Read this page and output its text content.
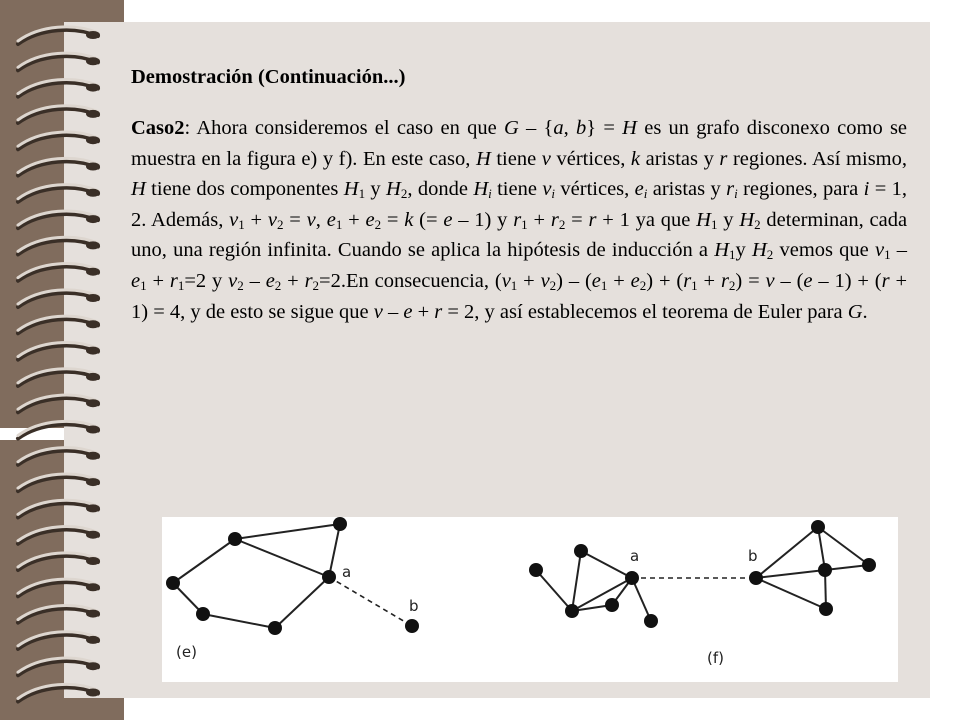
Demostración (Continuación...)

Caso2: Ahora consideremos el caso en que G – {a, b} = H es un grafo disconexo como se muestra en la figura e) y f). En este caso, H tiene v vértices, k aristas y r regiones. Así mismo, H tiene dos componentes $H_1$ y $H_2$, donde $H_i$ tiene $v_i$ vértices, $e_i$ aristas y $r_i$ regiones, para i = 1, 2. Además, $v_1 + v_2 = v$, $e_1 + e_2 = k$ (= e – 1) y $r_1 + r_2 = r + 1$ ya que $H_1$ y $H_2$ determinan, cada uno, una región infinita. Cuando se aplica la hipótesis de inducción a $H_1y$ $H_2$ vemos que $v_1 - e_1 + r_1=2$ y $v_2 - e_2 + r_2=2.En$ consecuencia, $(v_1 + v_2) - (e_1 + e_2) + (r_1 + r_2) = v - (e - 1) + (r + 1) = 4$, y de esto se sigue que v – e + r = 2, y así establecemos el teorema de Euler para G.

a
b
(e)
a	b
(f)
